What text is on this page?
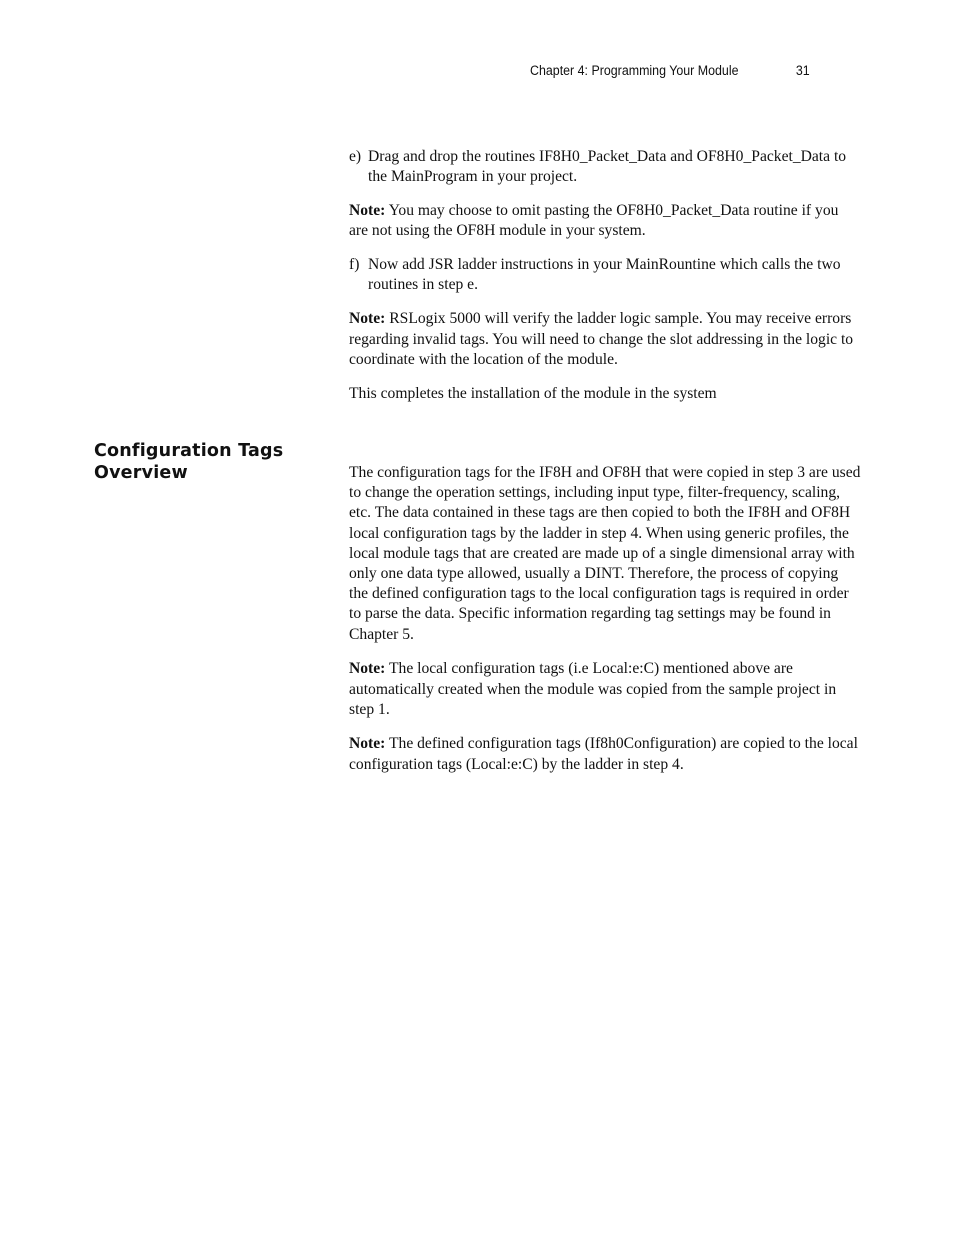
Chapter 4: Programming Your Module	31

e) Drag and drop the routines IF8H0_Packet_Data and OF8H0_Packet_Data to the MainProgram in your project.

Note: You may choose to omit pasting the OF8H0_Packet_Data routine if you are not using the OF8H module in your system.

f) Now add JSR ladder instructions in your MainRountine which calls the two routines in step e.

Note: RSLogix 5000 will verify the ladder logic sample. You may receive errors regarding invalid tags. You will need to change the slot addressing in the logic to coordinate with the location of the module.

This completes the installation of the module in the system

Configuration Tags
Overview	The configuration tags for the IF8H and OF8H that were copied in step 3 are used to change the operation settings, including input type, filter-frequency, scaling, etc. The data contained in these tags are then copied to both the IF8H and OF8H local configuration tags by the ladder in step 4. When using generic profiles, the local module tags that are created are made up of a single dimensional array with only one data type allowed, usually a DINT. Therefore, the process of copying the defined configuration tags to the local configuration tags is required in order to parse the data. Specific information regarding tag settings may be found in Chapter 5.

Note: The local configuration tags (i.e Local:e:C) mentioned above are automatically created when the module was copied from the sample project in step 1.

Note: The defined configuration tags (If8h0Configuration) are copied to the local configuration tags (Local:e:C) by the ladder in step 4.
